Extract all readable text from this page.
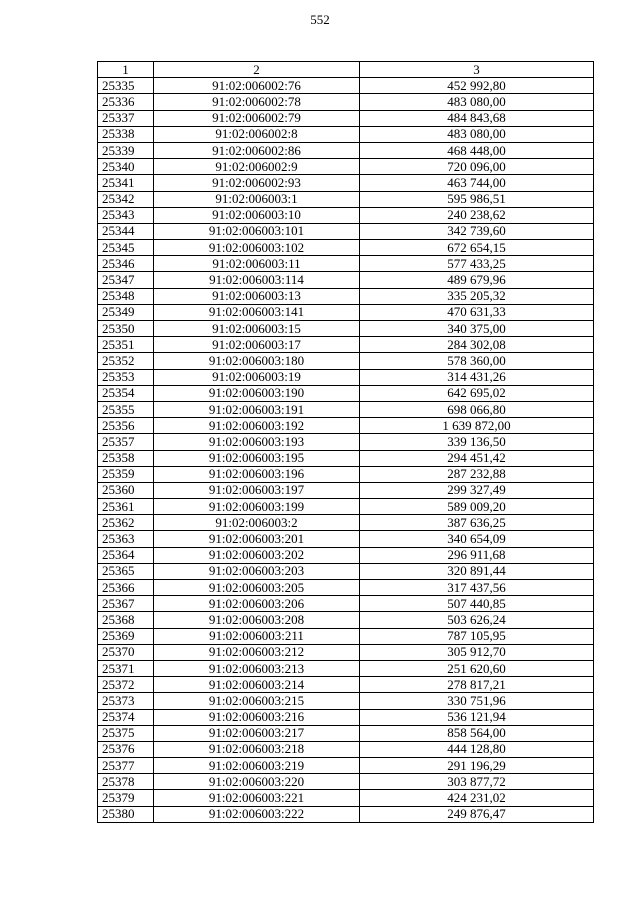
552
1	2	3
25335	91:02:006002:76	452 992,80
25336	91:02:006002:78	483 080,00
25337	91:02:006002:79	484 843,68
25338	91:02:006002:8	483 080,00
25339	91:02:006002:86	468 448,00
25340	91:02:006002:9	720 096,00
25341	91:02:006002:93	463 744,00
25342	91:02:006003:1	595 986,51
25343	91:02:006003:10	240 238,62
25344	91:02:006003:101	342 739,60
25345	91:02:006003:102	672 654,15
25346	91:02:006003:11	577 433,25
25347	91:02:006003:114	489 679,96
25348	91:02:006003:13	335 205,32
25349	91:02:006003:141	470 631,33
25350	91:02:006003:15	340 375,00
25351	91:02:006003:17	284 302,08
25352	91:02:006003:180	578 360,00
25353	91:02:006003:19	314 431,26
25354	91:02:006003:190	642 695,02
25355	91:02:006003:191	698 066,80
25356	91:02:006003:192	1 639 872,00
25357	91:02:006003:193	339 136,50
25358	91:02:006003:195	294 451,42
25359	91:02:006003:196	287 232,88
25360	91:02:006003:197	299 327,49
25361	91:02:006003:199	589 009,20
25362	91:02:006003:2	387 636,25
25363	91:02:006003:201	340 654,09
25364	91:02:006003:202	296 911,68
25365	91:02:006003:203	320 891,44
25366	91:02:006003:205	317 437,56
25367	91:02:006003:206	507 440,85
25368	91:02:006003:208	503 626,24
25369	91:02:006003:211	787 105,95
25370	91:02:006003:212	305 912,70
25371	91:02:006003:213	251 620,60
25372	91:02:006003:214	278 817,21
25373	91:02:006003:215	330 751,96
25374	91:02:006003:216	536 121,94
25375	91:02:006003:217	858 564,00
25376	91:02:006003:218	444 128,80
25377	91:02:006003:219	291 196,29
25378	91:02:006003:220	303 877,72
25379	91:02:006003:221	424 231,02
25380	91:02:006003:222	249 876,47
